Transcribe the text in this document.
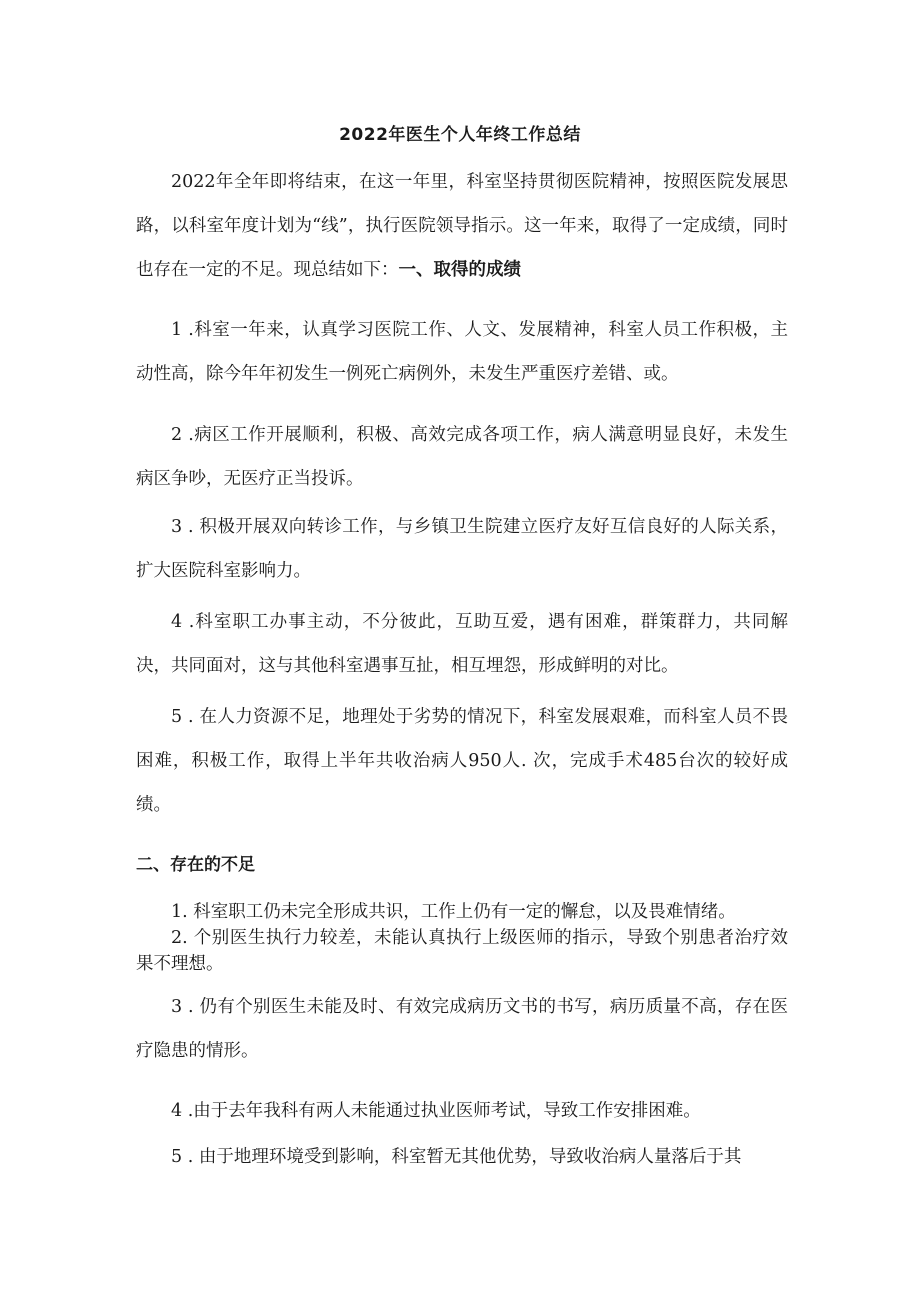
2022年医生个人年终工作总结
2022年全年即将结束，在这一年里，科室坚持贯彻医院精神，按照医院发展思路，以科室年度计划为“线”，执行医院领导指示。这一年来，取得了一定成绩，同时也存在一定的不足。现总结如下：一、取得的成绩
1 .科室一年来，认真学习医院工作、人文、发展精神，科室人员工作积极，主动性高，除今年年初发生一例死亡病例外，未发生严重医疗差错、或。
2 .病区工作开展顺利，积极、高效完成各项工作，病人满意明显良好，未发生病区争吵，无医疗正当投诉。
3 . 积极开展双向转诊工作，与乡镇卫生院建立医疗友好互信良好的人际关系，扩大医院科室影响力。
4 .科室职工办事主动，不分彼此，互助互爱，遇有困难，群策群力，共同解决，共同面对，这与其他科室遇事互扯，相互埋怨，形成鲜明的对比。
5 . 在人力资源不足，地理处于劣势的情况下，科室发展艰难，而科室人员不畏困难，积极工作，取得上半年共收治病人950人. 次，完成手术485台次的较好成绩。
二、存在的不足
1. 科室职工仍未完全形成共识，工作上仍有一定的懈怠，以及畏难情绪。
2. 个别医生执行力较差，未能认真执行上级医师的指示，导致个别患者治疗效果不理想。
3 . 仍有个别医生未能及时、有效完成病历文书的书写，病历质量不高，存在医疗隐患的情形。
4 .由于去年我科有两人未能通过执业医师考试，导致工作安排困难。
5 . 由于地理环境受到影响，科室暂无其他优势，导致收治病人量落后于其
